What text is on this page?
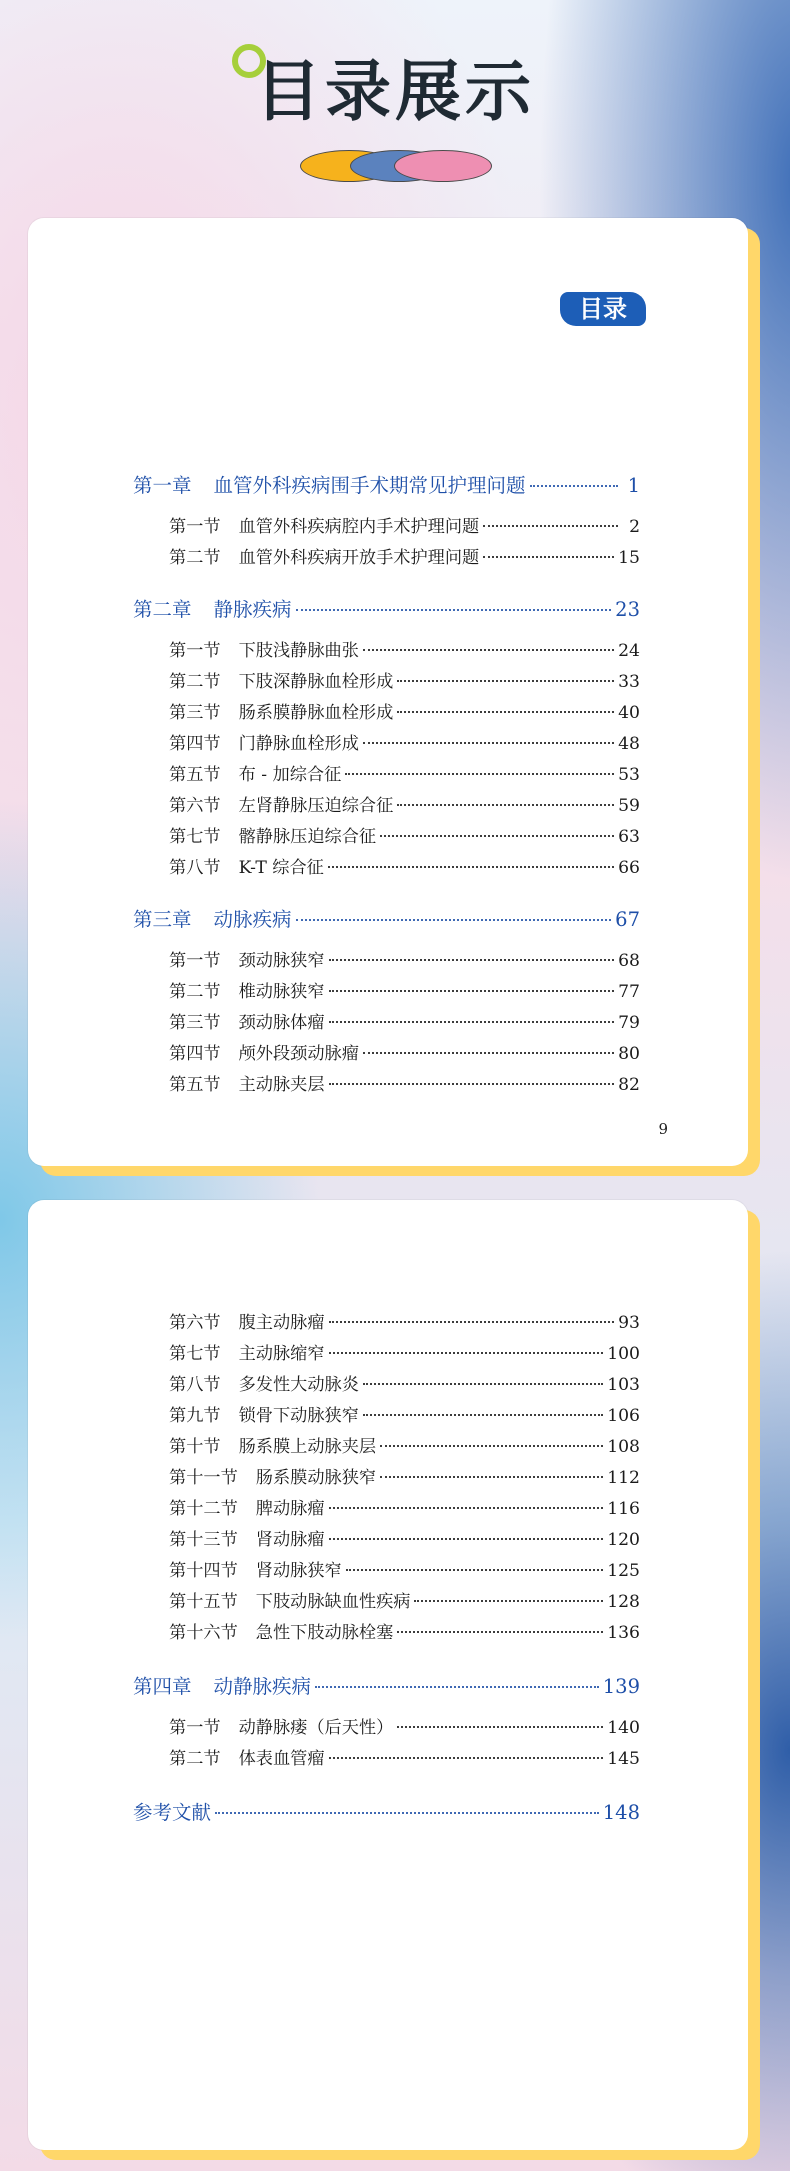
目录展示
目录
第一章 血管外科疾病围手术期常见护理问题	1
第一节 血管外科疾病腔内手术护理问题	2
第二节 血管外科疾病开放手术护理问题	15
第二章 静脉疾病	23
第一节 下肢浅静脉曲张	24
第二节 下肢深静脉血栓形成	33
第三节 肠系膜静脉血栓形成	40
第四节 门静脉血栓形成	48
第五节 布 - 加综合征	53
第六节 左肾静脉压迫综合征	59
第七节 髂静脉压迫综合征	63
第八节 K-T 综合征	66
第三章 动脉疾病	67
第一节 颈动脉狭窄	68
第二节 椎动脉狭窄	77
第三节 颈动脉体瘤	79
第四节 颅外段颈动脉瘤	80
第五节 主动脉夹层	82
9
第六节 腹主动脉瘤	93
第七节 主动脉缩窄	100
第八节 多发性大动脉炎	103
第九节 锁骨下动脉狭窄	106
第十节 肠系膜上动脉夹层	108
第十一节 肠系膜动脉狭窄	112
第十二节 脾动脉瘤	116
第十三节 肾动脉瘤	120
第十四节 肾动脉狭窄	125
第十五节 下肢动脉缺血性疾病	128
第十六节 急性下肢动脉栓塞	136
第四章 动静脉疾病	139
第一节 动静脉瘘（后天性）	140
第二节 体表血管瘤	145
参考文献	148
